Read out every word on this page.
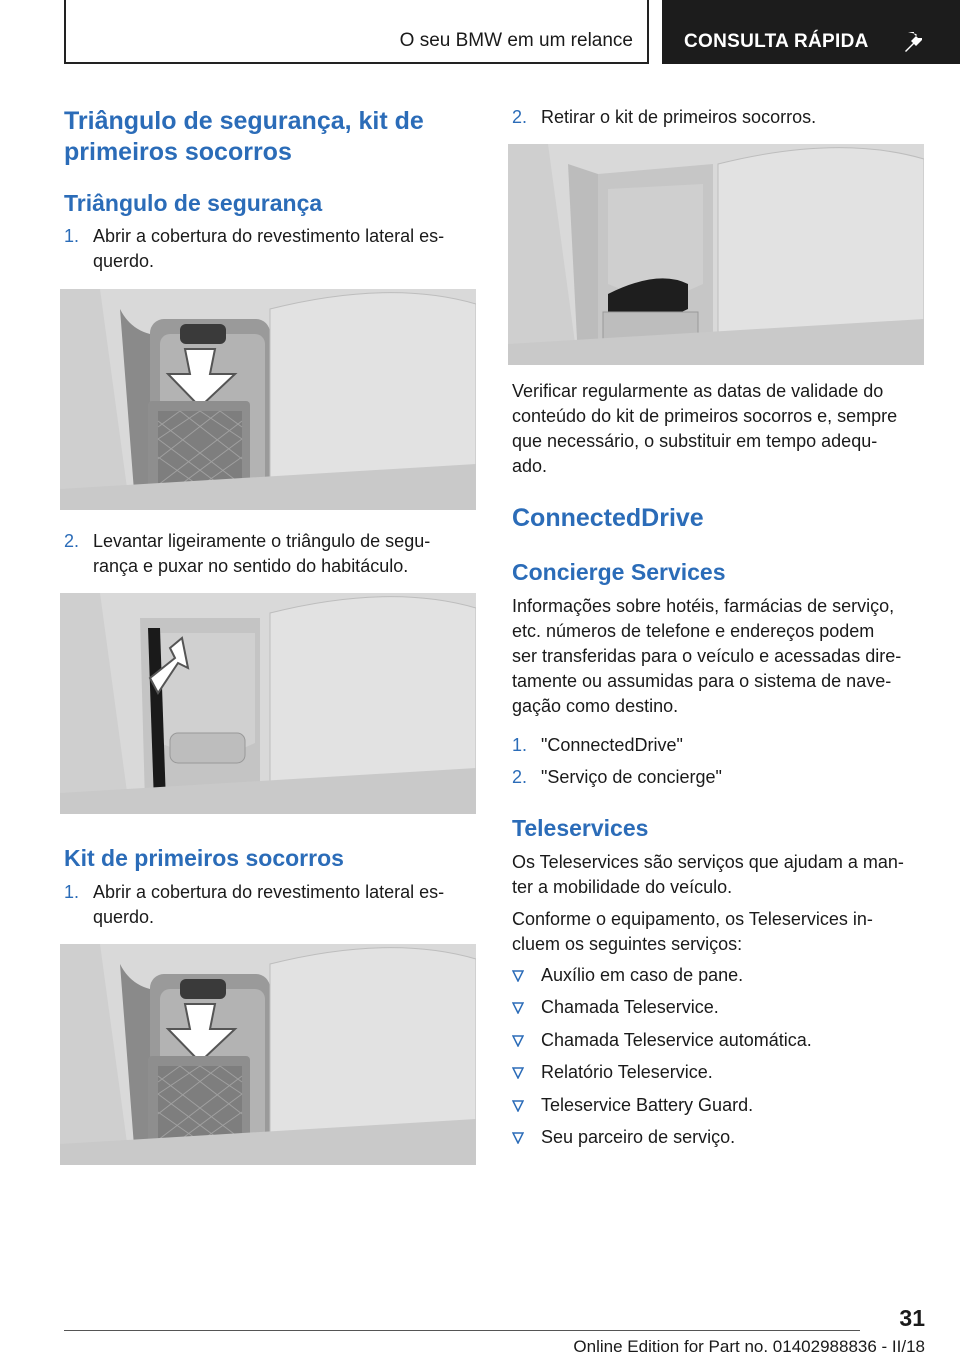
O seu BMW em um relance	CONSULTA RÁPIDA
Triângulo de segurança, kit de
primeiros socorros
Triângulo de segurança
1. Abrir a cobertura do revestimento lateral es-
querdo.
2. Levantar ligeiramente o triângulo de segu-
rança e puxar no sentido do habitáculo.
Kit de primeiros socorros
1. Abrir a cobertura do revestimento lateral es-
querdo.
2. Retirar o kit de primeiros socorros.
Verificar regularmente as datas de validade do
conteúdo do kit de primeiros socorros e, sempre
que necessário, o substituir em tempo adequ-
ado.
ConnectedDrive
Concierge Services
Informações sobre hotéis, farmácias de serviço,
etc. números de telefone e endereços podem
ser transferidas para o veículo e acessadas dire-
tamente ou assumidas para o sistema de nave-
gação como destino.
1. "ConnectedDrive"
2. "Serviço de concierge"
Teleservices
Os Teleservices são serviços que ajudam a man-
ter a mobilidade do veículo.
Conforme o equipamento, os Teleservices in-
cluem os seguintes serviços:
Auxílio em caso de pane.
Chamada Teleservice.
Chamada Teleservice automática.
Relatório Teleservice.
Teleservice Battery Guard.
Seu parceiro de serviço.
31
Online Edition for Part no. 01402988836 - II/18
